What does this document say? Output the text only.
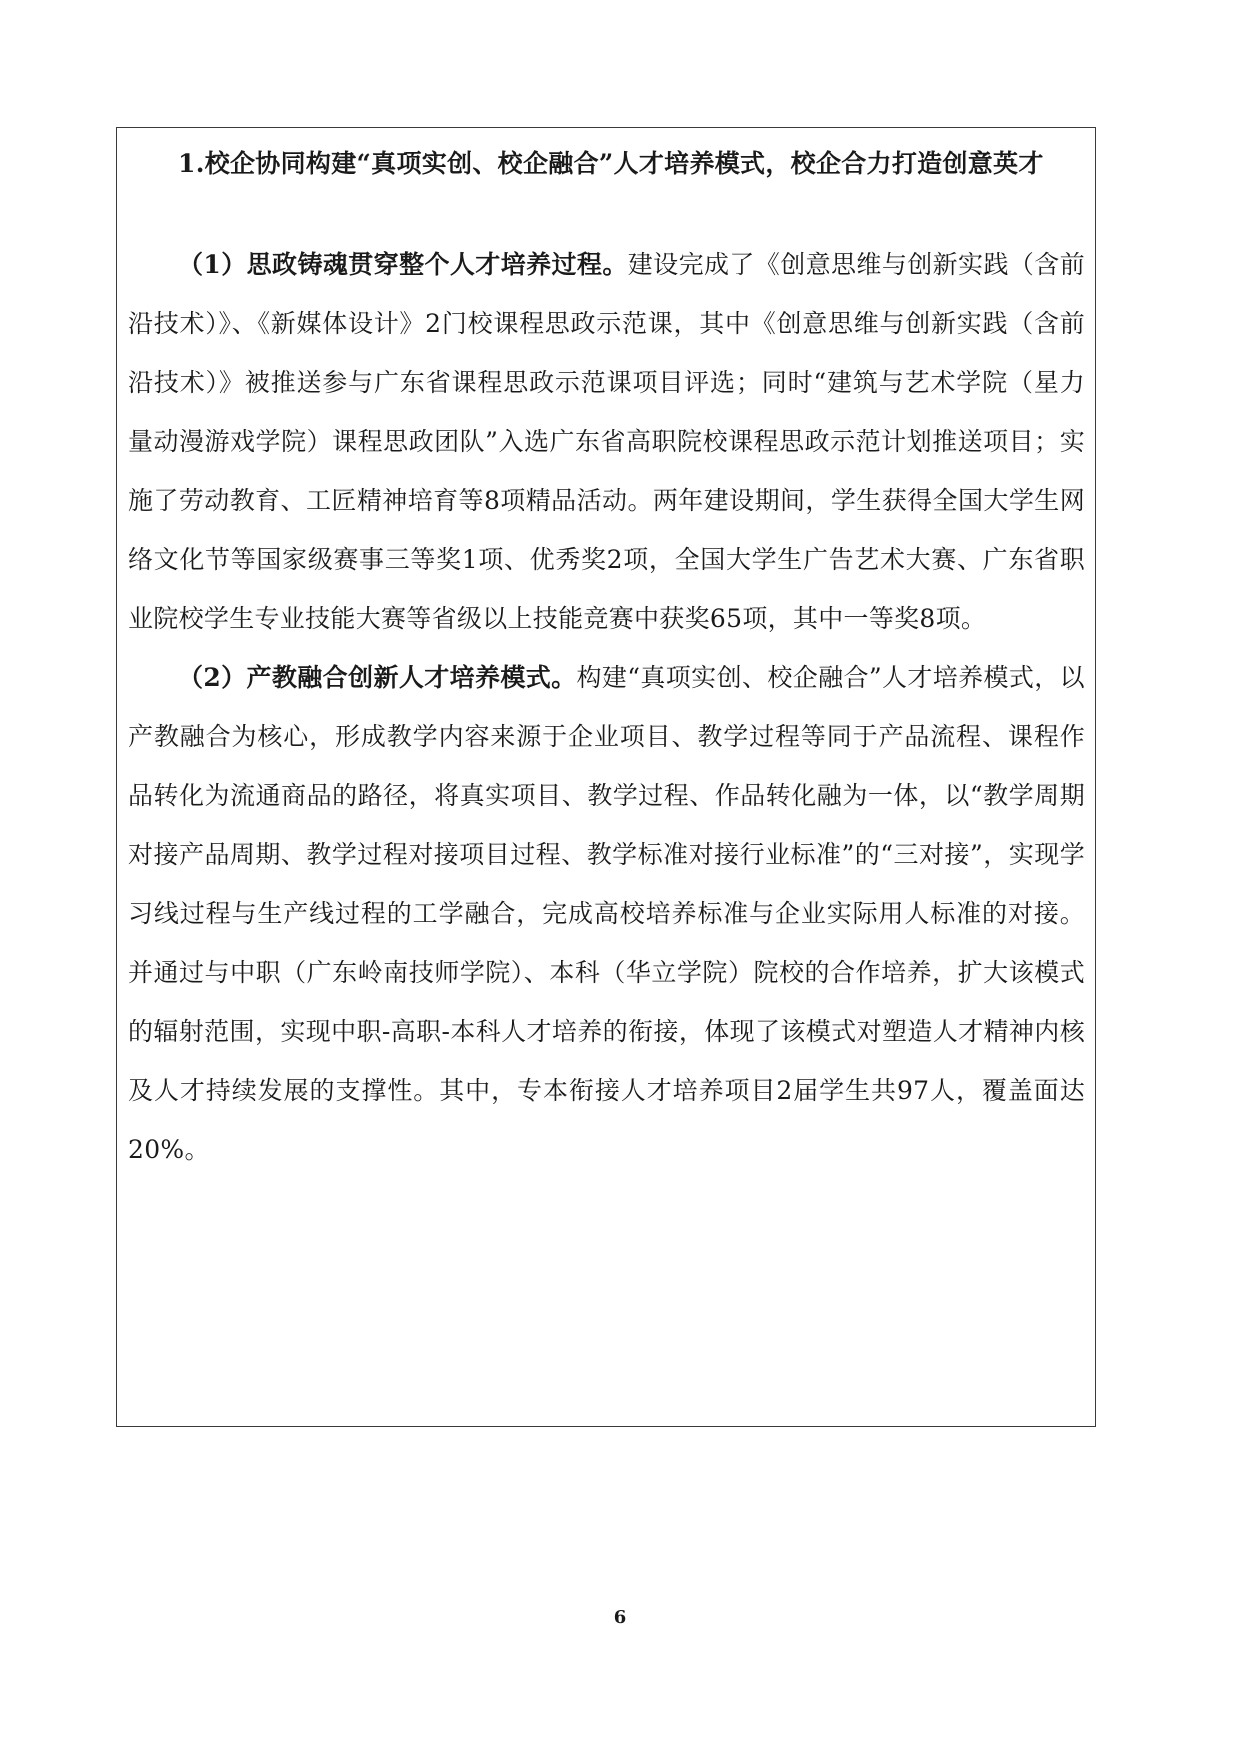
1.校企协同构建“真项实创、校企融合”人才培养模式，校企合力打造创意英才

（1）思政铸魂贯穿整个人才培养过程。建设完成了《创意思维与创新实践（含前沿技术）》、《新媒体设计》2门校课程思政示范课，其中《创意思维与创新实践（含前沿技术）》被推送参与广东省课程思政示范课项目评选；同时“建筑与艺术学院（星力量动漫游戏学院）课程思政团队”入选广东省高职院校课程思政示范计划推送项目；实施了劳动教育、工匠精神培育等8项精品活动。两年建设期间，学生获得全国大学生网络文化节等国家级赛事三等奖1项、优秀奖2项，全国大学生广告艺术大赛、广东省职业院校学生专业技能大赛等省级以上技能竞赛中获奖65项，其中一等奖8项。

（2）产教融合创新人才培养模式。构建“真项实创、校企融合”人才培养模式，以产教融合为核心，形成教学内容来源于企业项目、教学过程等同于产品流程、课程作品转化为流通商品的路径，将真实项目、教学过程、作品转化融为一体，以“教学周期对接产品周期、教学过程对接项目过程、教学标准对接行业标准”的“三对接”，实现学习线过程与生产线过程的工学融合，完成高校培养标准与企业实际用人标准的对接。并通过与中职（广东岭南技师学院）、本科（华立学院）院校的合作培养，扩大该模式的辐射范围，实现中职-高职-本科人才培养的衔接，体现了该模式对塑造人才精神内核及人才持续发展的支撑性。其中，专本衔接人才培养项目2届学生共97人，覆盖面达20%。

6
